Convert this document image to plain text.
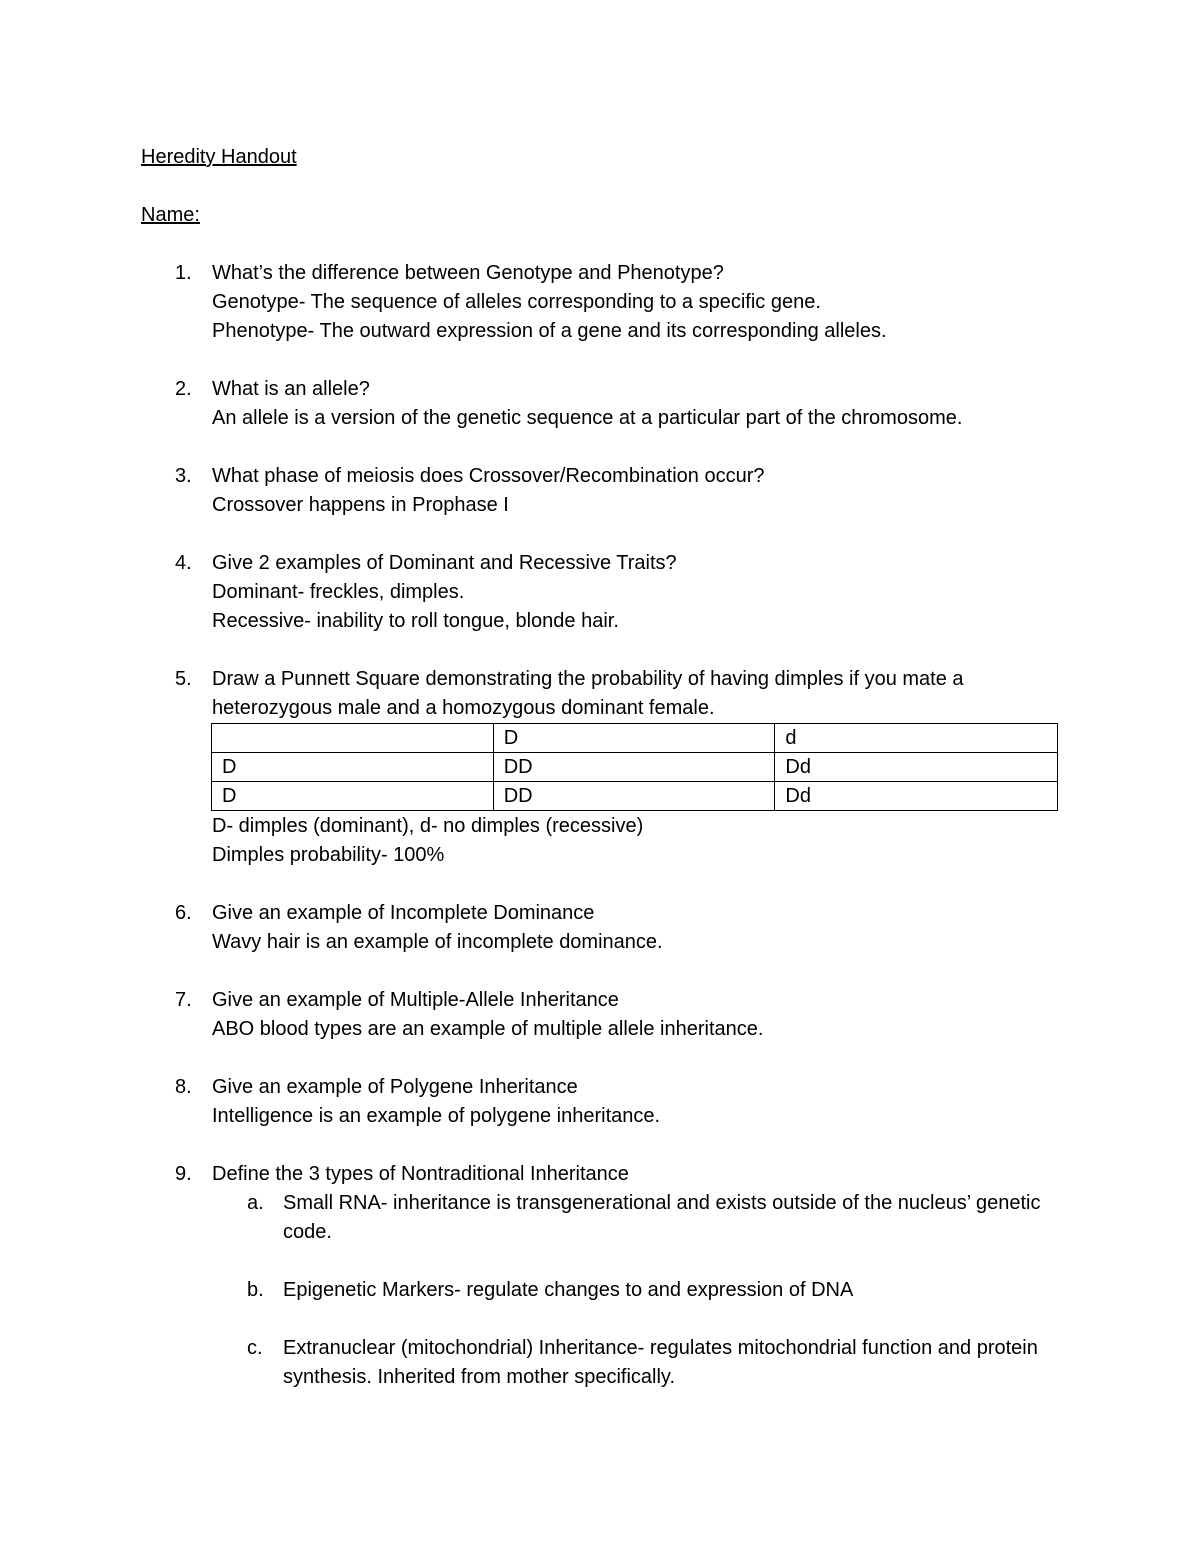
Heredity Handout
Name:
1. What’s the difference between Genotype and Phenotype?
Genotype- The sequence of alleles corresponding to a specific gene.
Phenotype- The outward expression of a gene and its corresponding alleles.
2. What is an allele?
An allele is a version of the genetic sequence at a particular part of the chromosome.
3. What phase of meiosis does Crossover/Recombination occur?
Crossover happens in Prophase I
4. Give 2 examples of Dominant and Recessive Traits?
Dominant- freckles, dimples.
Recessive- inability to roll tongue, blonde hair.
5. Draw a Punnett Square demonstrating the probability of having dimples if you mate a heterozygous male and a homozygous dominant female.
	D	d
D	DD	Dd
D	DD	Dd
D- dimples (dominant), d- no dimples (recessive)
Dimples probability- 100%
6. Give an example of Incomplete Dominance
Wavy hair is an example of incomplete dominance.
7. Give an example of Multiple-Allele Inheritance
ABO blood types are an example of multiple allele inheritance.
8. Give an example of Polygene Inheritance
Intelligence is an example of polygene inheritance.
9. Define the 3 types of Nontraditional Inheritance
a. Small RNA- inheritance is transgenerational and exists outside of the nucleus’ genetic code.
b. Epigenetic Markers- regulate changes to and expression of DNA
c. Extranuclear (mitochondrial) Inheritance- regulates mitochondrial function and protein synthesis. Inherited from mother specifically.
